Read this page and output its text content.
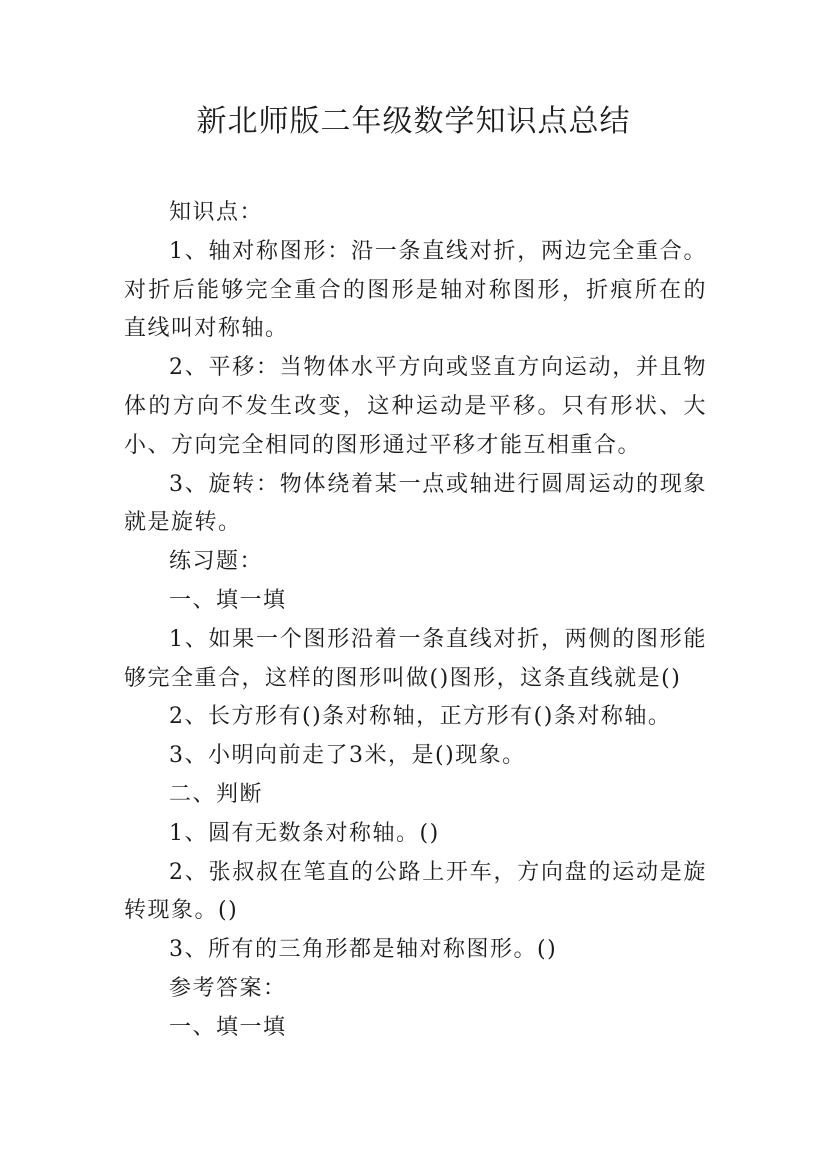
新北师版二年级数学知识点总结

知识点：

1、轴对称图形：沿一条直线对折，两边完全重合。对折后能够完全重合的图形是轴对称图形，折痕所在的直线叫对称轴。

2、平移：当物体水平方向或竖直方向运动，并且物体的方向不发生改变，这种运动是平移。只有形状、大小、方向完全相同的图形通过平移才能互相重合。

3、旋转：物体绕着某一点或轴进行圆周运动的现象就是旋转。

练习题：

一、填一填

1、如果一个图形沿着一条直线对折，两侧的图形能够完全重合，这样的图形叫做()图形，这条直线就是()

2、长方形有()条对称轴，正方形有()条对称轴。

3、小明向前走了3米，是()现象。

二、判断

1、圆有无数条对称轴。()

2、张叔叔在笔直的公路上开车，方向盘的运动是旋转现象。()

3、所有的三角形都是轴对称图形。()

参考答案：

一、填一填
